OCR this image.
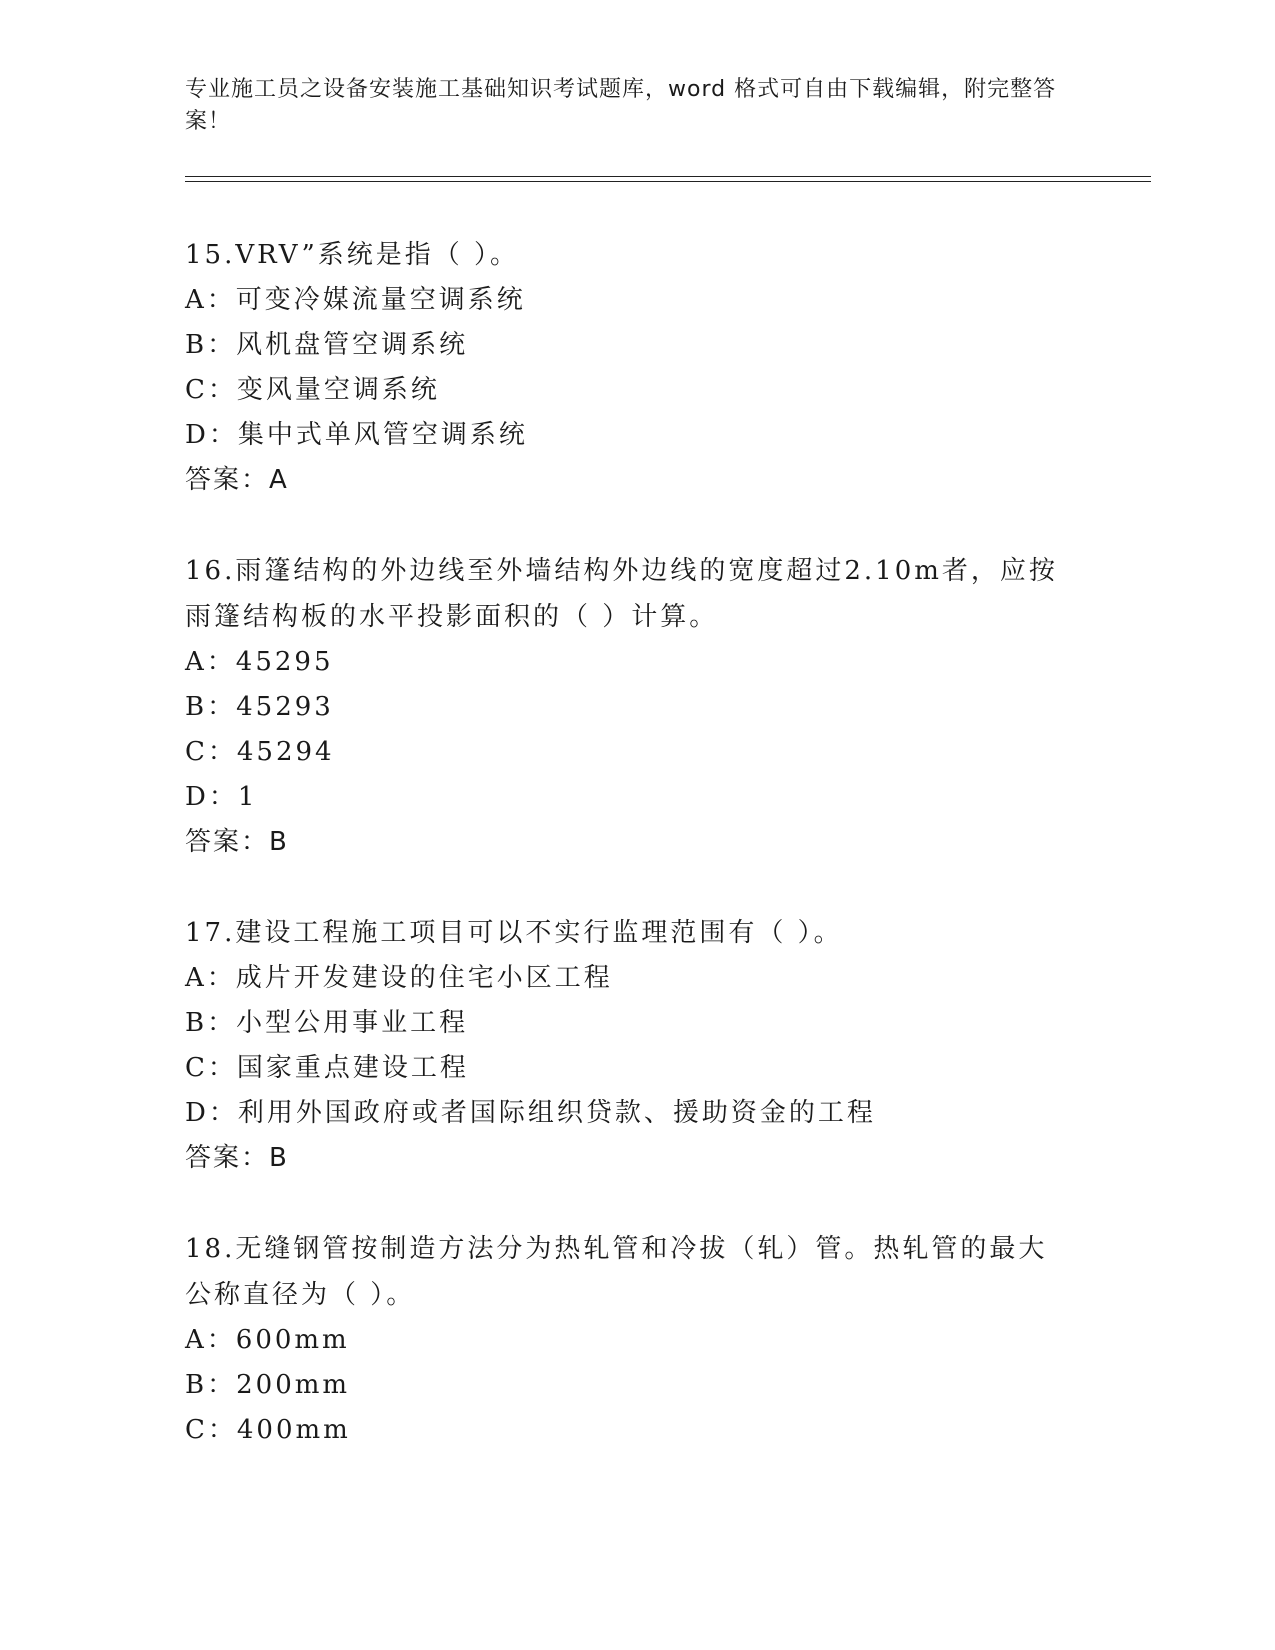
专业施工员之设备安装施工基础知识考试题库，word 格式可自由下载编辑，附完整答案！

15.VRV”系统是指（ ）。

A：可变冷媒流量空调系统

B：风机盘管空调系统

C：变风量空调系统

D：集中式单风管空调系统

答案：A

16.雨篷结构的外边线至外墙结构外边线的宽度超过2.10m者，应按雨篷结构板的水平投影面积的（ ）计算。

A：45295

B：45293

C：45294

D：1

答案：B

17.建设工程施工项目可以不实行监理范围有（ ）。

A：成片开发建设的住宅小区工程

B：小型公用事业工程

C：国家重点建设工程

D：利用外国政府或者国际组织贷款、援助资金的工程

答案：B

18.无缝钢管按制造方法分为热轧管和冷拔（轧）管。热轧管的最大公称直径为（ ）。

A：600mm

B：200mm

C：400mm
